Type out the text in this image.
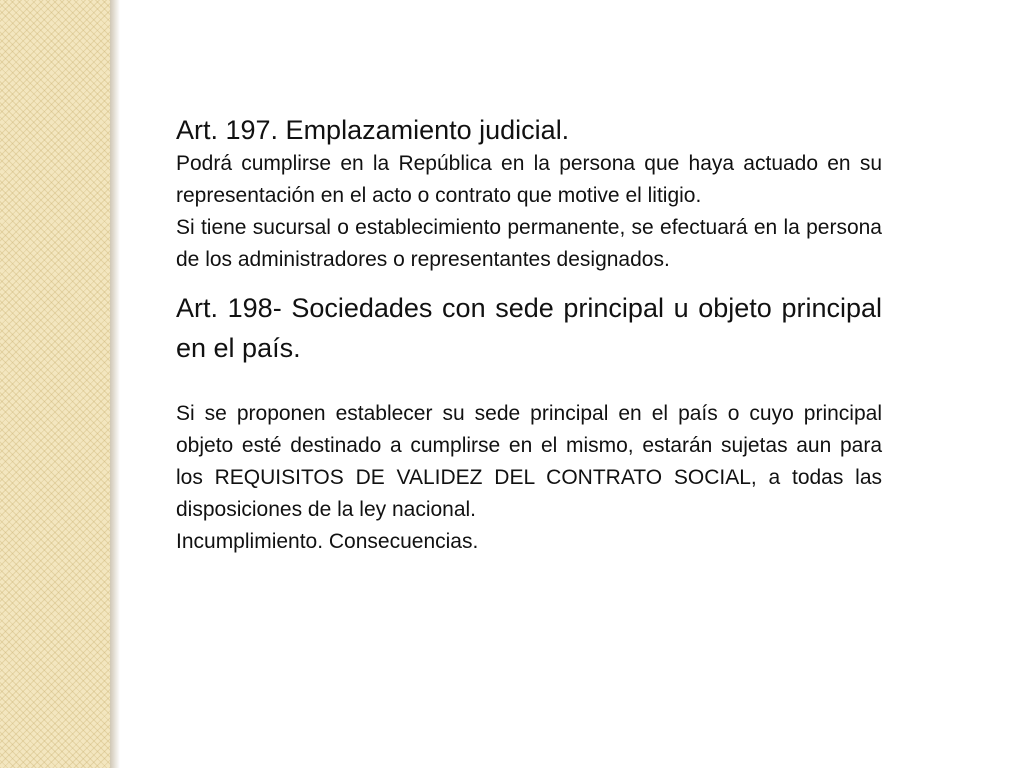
Art. 197. Emplazamiento judicial.

Podrá cumplirse en la República en la persona que haya actuado en su representación en el acto o contrato que motive el litigio.

Si tiene sucursal o establecimiento permanente, se efectuará en la persona de los administradores o representantes designados.

Art. 198- Sociedades con sede principal u objeto principal en el país.

Si se proponen establecer su sede principal en el país o cuyo principal objeto esté destinado a cumplirse en el mismo, estarán sujetas aun para los REQUISITOS DE VALIDEZ DEL CONTRATO SOCIAL, a todas las disposiciones de la ley nacional.

Incumplimiento. Consecuencias.
